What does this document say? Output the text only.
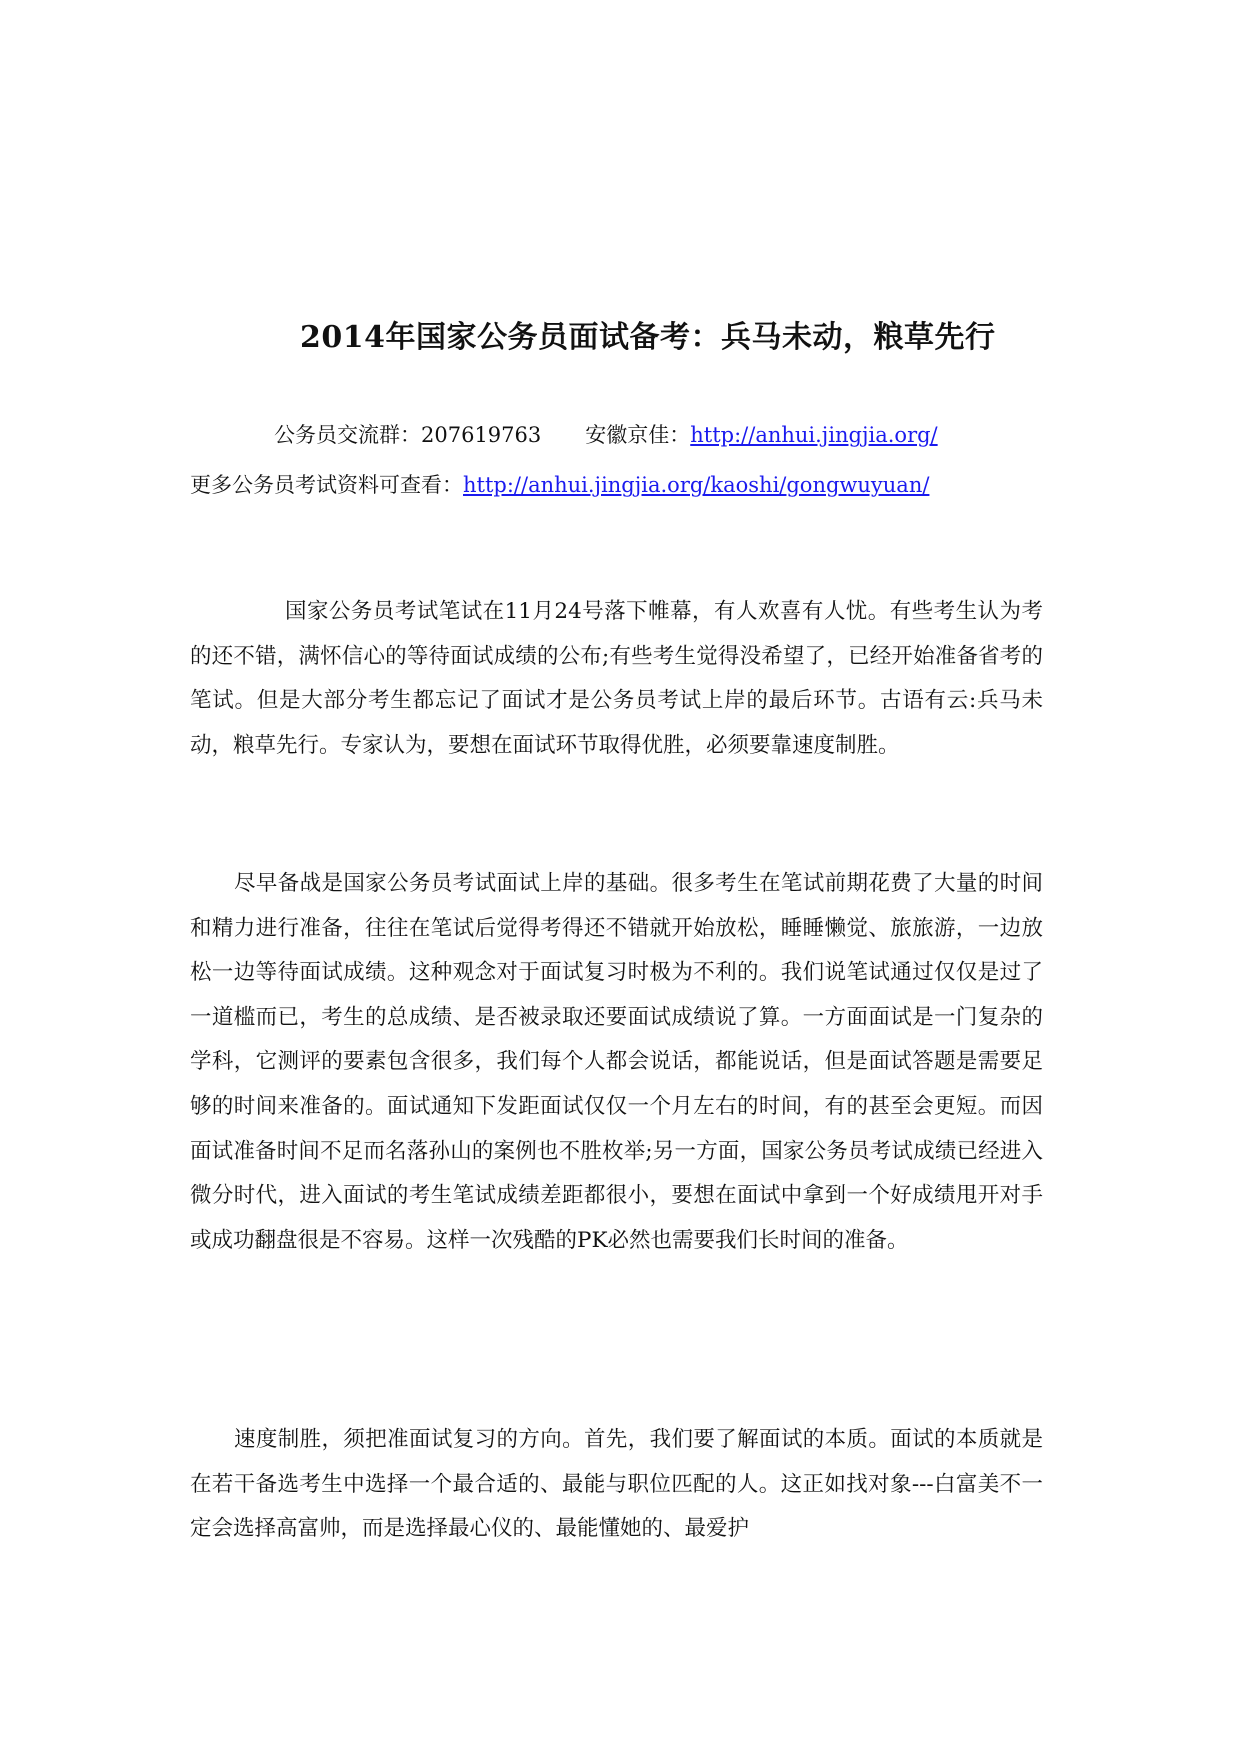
2014年国家公务员面试备考：兵马未动，粮草先行
公务员交流群：207619763 安徽京佳：http://anhui.jingjia.org/
更多公务员考试资料可查看：http://anhui.jingjia.org/kaoshi/gongwuyuan/

国家公务员考试笔试在11月24号落下帷幕，有人欢喜有人忧。有些考生认为考的还不错，满怀信心的等待面试成绩的公布;有些考生觉得没希望了，已经开始准备省考的笔试。但是大部分考生都忘记了面试才是公务员考试上岸的最后环节。古语有云:兵马未动，粮草先行。专家认为，要想在面试环节取得优胜，必须要靠速度制胜。

尽早备战是国家公务员考试面试上岸的基础。很多考生在笔试前期花费了大量的时间和精力进行准备，往往在笔试后觉得考得还不错就开始放松，睡睡懒觉、旅旅游，一边放松一边等待面试成绩。这种观念对于面试复习时极为不利的。我们说笔试通过仅仅是过了一道槛而已，考生的总成绩、是否被录取还要面试成绩说了算。一方面面试是一门复杂的学科，它测评的要素包含很多，我们每个人都会说话，都能说话，但是面试答题是需要足够的时间来准备的。面试通知下发距面试仅仅一个月左右的时间，有的甚至会更短。而因面试准备时间不足而名落孙山的案例也不胜枚举;另一方面，国家公务员考试成绩已经进入微分时代，进入面试的考生笔试成绩差距都很小，要想在面试中拿到一个好成绩甩开对手或成功翻盘很是不容易。这样一次残酷的PK必然也需要我们长时间的准备。

速度制胜，须把准面试复习的方向。首先，我们要了解面试的本质。面试的本质就是在若干备选考生中选择一个最合适的、最能与职位匹配的人。这正如找对象---白富美不一定会选择高富帅，而是选择最心仪的、最能懂她的、最爱护
